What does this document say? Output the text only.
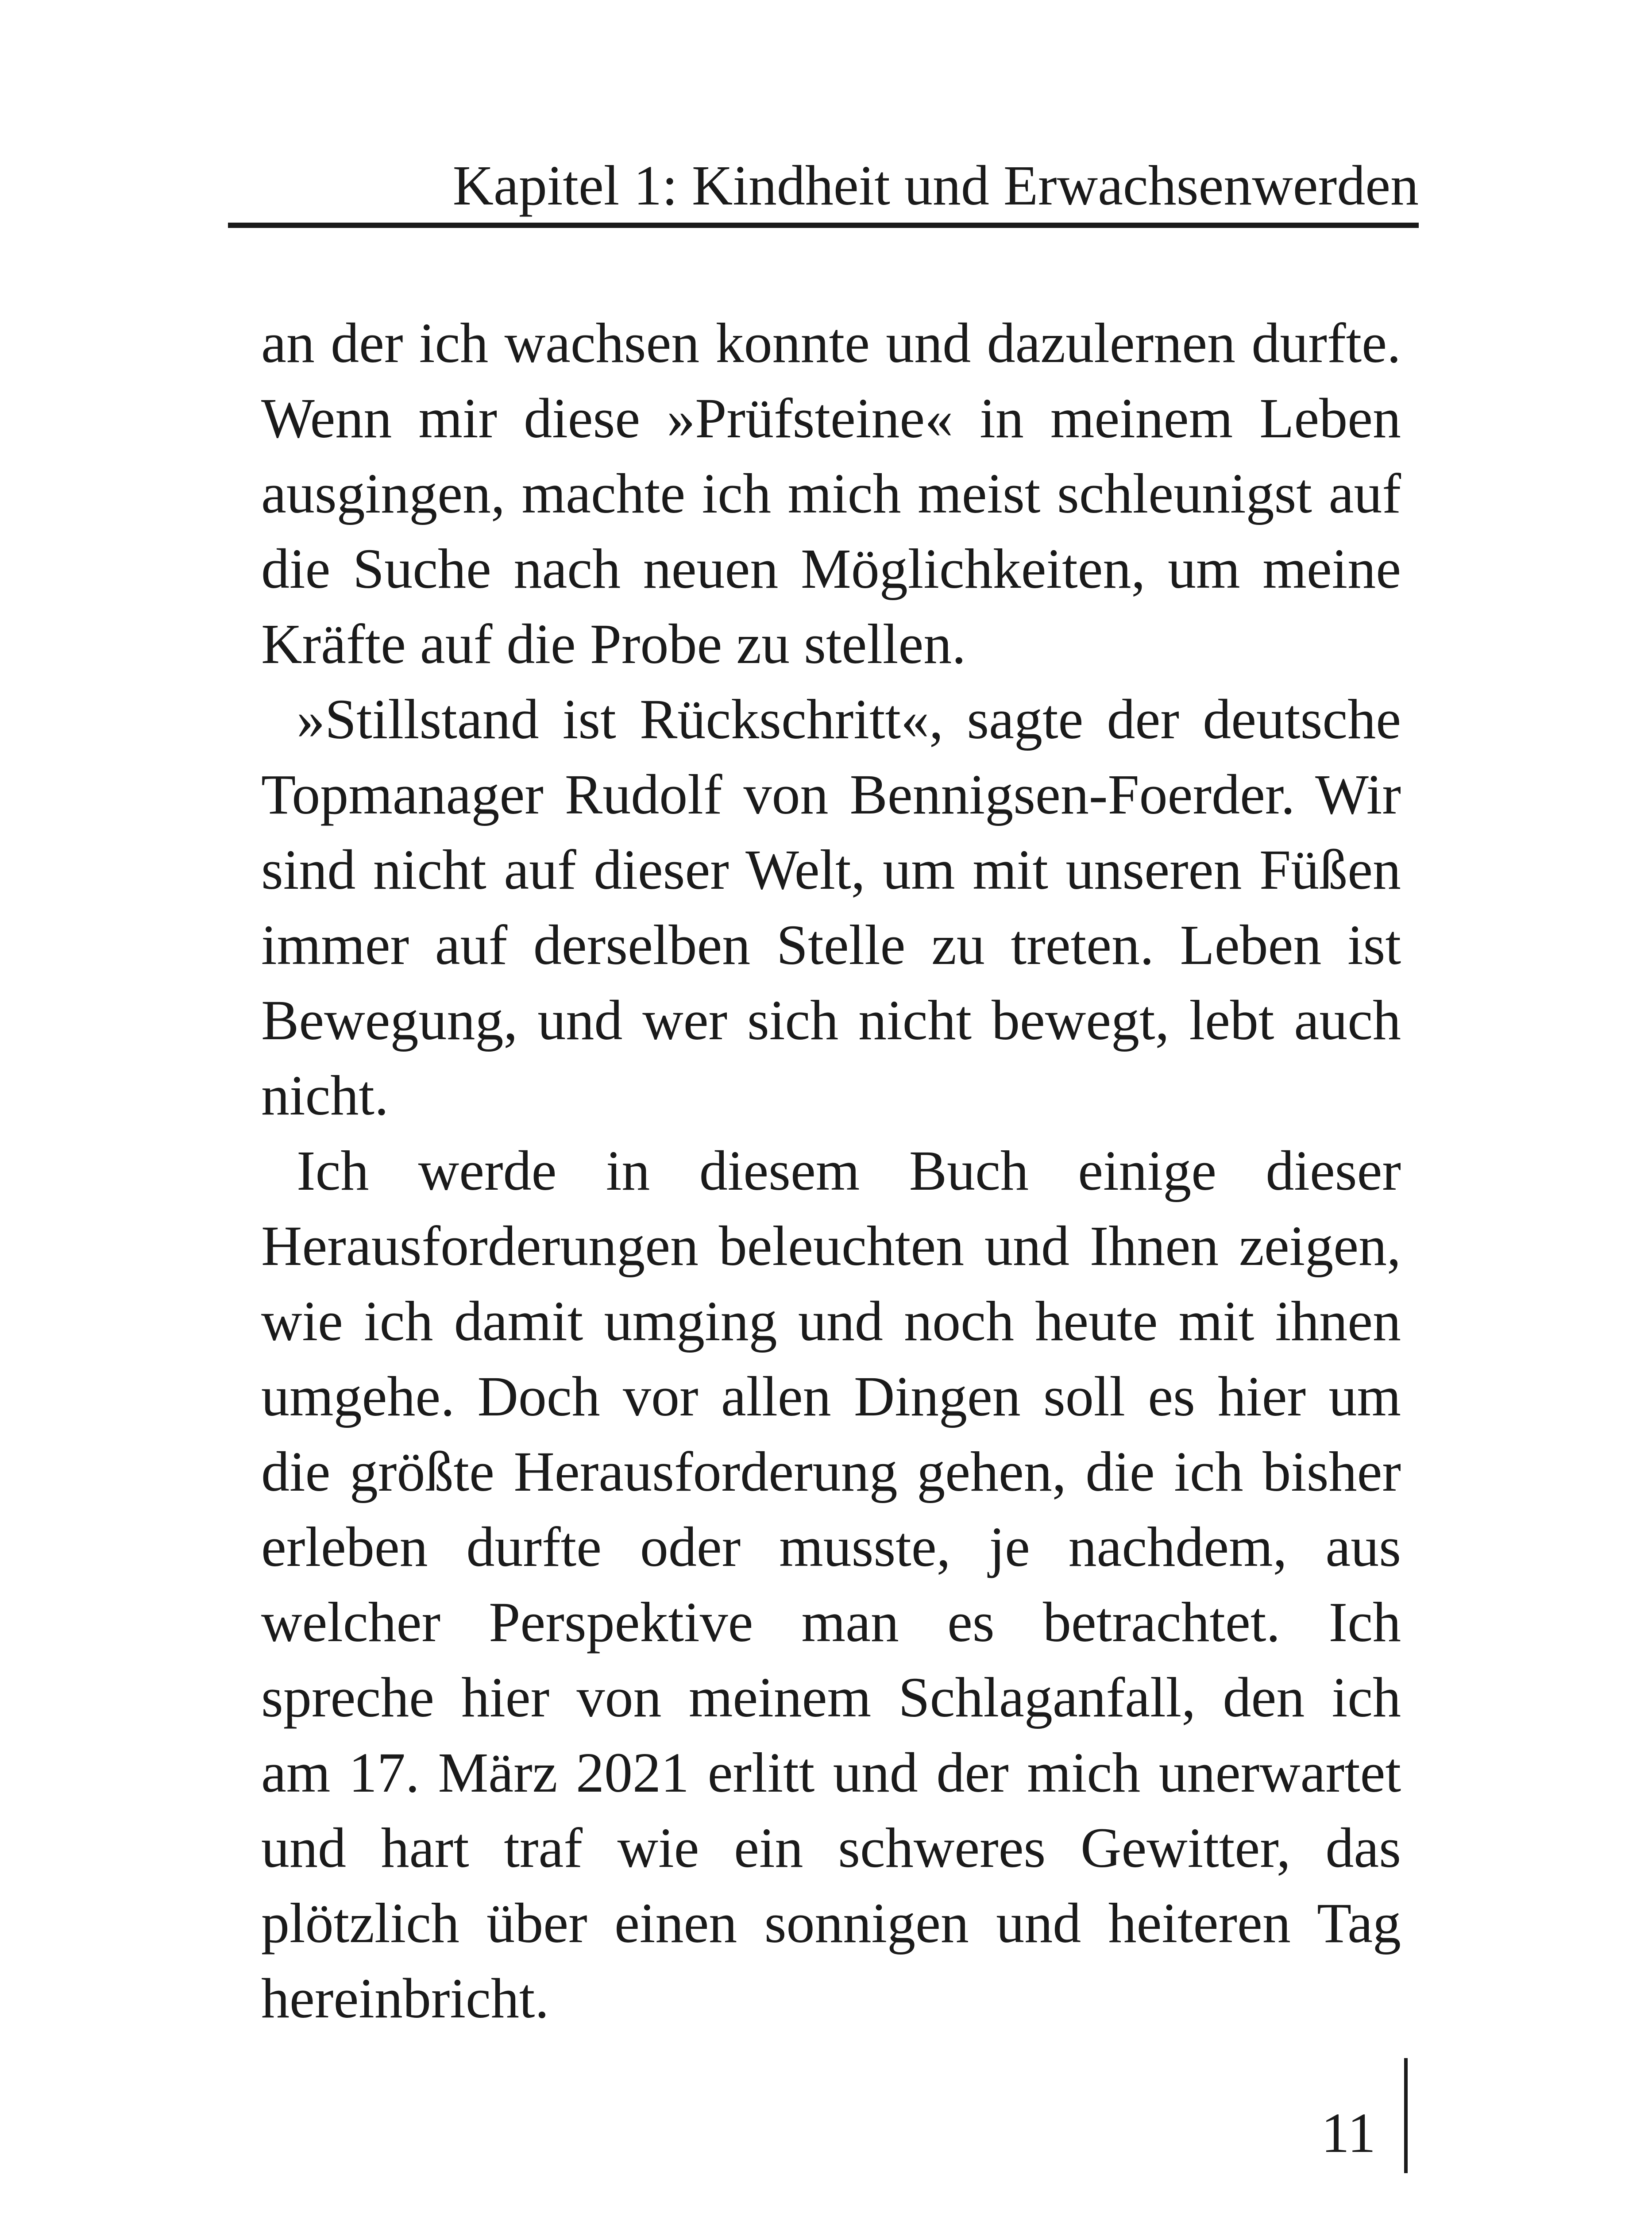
Kapitel 1: Kindheit und Erwachsenwerden

an der ich wachsen konnte und dazulernen durfte. Wenn mir diese »Prüfsteine« in meinem Leben ausgingen, machte ich mich meist schleunigst auf die Suche nach neuen Möglichkeiten, um meine Kräfte auf die Probe zu stellen.

»Stillstand ist Rückschritt«, sagte der deutsche Topmanager Rudolf von Bennigsen-Foerder. Wir sind nicht auf dieser Welt, um mit unseren Füßen immer auf derselben Stelle zu treten. Leben ist Bewegung, und wer sich nicht bewegt, lebt auch nicht.

Ich werde in diesem Buch einige dieser Herausforderungen beleuchten und Ihnen zeigen, wie ich damit umging und noch heute mit ihnen umgehe. Doch vor allen Dingen soll es hier um die größte Herausforderung gehen, die ich bisher erleben durfte oder musste, je nachdem, aus welcher Perspektive man es betrachtet. Ich spreche hier von meinem Schlaganfall, den ich am 17. März 2021 erlitt und der mich unerwartet und hart traf wie ein schweres Gewitter, das plötzlich über einen sonnigen und heiteren Tag hereinbricht.

11
